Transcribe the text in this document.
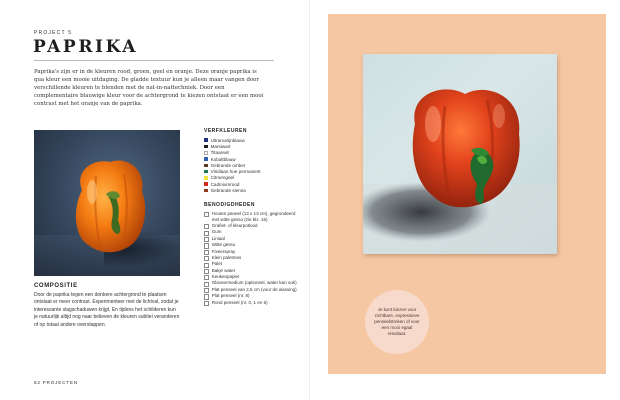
PROJECT 5
PAPRIKA
Paprika's zijn er in de kleuren rood, groen, geel en oranje. Deze oranje paprika is qua kleur een mooie uitdaging. De gladde textuur kun je alleen maar vangen door verschillende kleuren te blenden met de nat-in-nattechniek. Door een complementaire blauwige kleur voor de achtergrond te kiezen ontstaat er een mooi contrast met het oranje van de paprika.
COMPOSITIE
Door de paprika tegen een donkere achtergrond te plaatsen ontstaat er meer contrast. Experimenteer met de lichtval, zodat je interessante slagschaduwen krijgt. En tijdens het schilderen kun je natuurlijk altijd nog naar believen de kleuren subtiel veranderen of op totaal andere overstappen.
VERFKLEUREN
Ultramarijnblauw
Marsiwart
Titaanwit
Kobaltblauw
Gebrande omber
Viridiaan hue permanent
Citroengeel
Cadmiumrood
Gebrande sienna
BENODIGDHEDEN
Houten paneel (13 x 13 cm), gegrondeerd met witte gesso (zie blz. 16)
Grafiet- of kleurpotlood
Gum
Liniaal
Witte gesso
Fixeerspray
Klein paletmes
Palet
Bakje water
Keukenpapier
Glaceermedium (optioneel, water kan ook)
Plat penseel van 2,5 cm (voor de wassing)
Plat penseel (nr. 8)
Rond penseel (nr. 0, 1 en 6)
82 PROJECTEN
Je kunt kiezen voor zichtbare, expressieve penseelstreken of voor een mooi egaal resultaat.
